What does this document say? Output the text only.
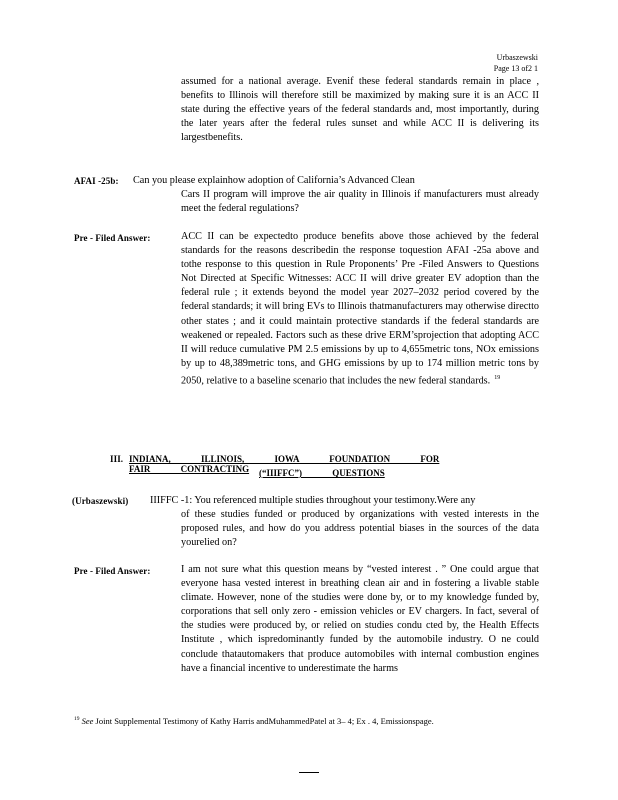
Urbaszewski
Page 13 of2 1
assumed for a national average. Evenif these federal standards remain in place , benefits to Illinois will therefore still be maximized by making sure it is an ACC II state during the effective years of the federal standards and, most importantly, during the later years after the federal rules sunset and while ACC II is delivering its largestbenefits.
AFAI -25b: Can you please explainhow adoption of California’s Advanced Clean
Cars II program will improve the air quality in Illinois if manufacturers must already meet the federal regulations?
Pre - Filed Answer:	ACC II can be expectedto produce benefits above those achieved by the federal standards for the reasons describedin the response toquestion AFAI -25a above and tothe response to this question in Rule Proponents’ Pre -Filed Answers to Questions Not Directed at Specific Witnesses: ACC II will drive greater EV adoption than the federal rule ; it extends beyond the model year 2027–2032 period covered by the federal standards; it will bring EVs to Illinois thatmanufacturers may otherwise directto other states ; and it could maintain protective standards if the federal standards are weakened or repealed. Factors such as these drive ERM’sprojection that adopting ACC II will reduce cumulative PM 2.5 emissions by up to 4,655metric tons, NOx emissions by up to 48,389metric tons, and GHG emissions by up to 174 million metric tons by 2050, relative to a baseline scenario that includes the new federal standards. $^{19}$
III. INDIANA, ILLINOIS, IOWA FOUNDATION FOR FAIR CONTRACTING	(“IIIFFC”) QUESTIONS
(Urbaszewski) IIIFFC -1: You referenced multiple studies throughout your testimony.Were any
of these studies funded or produced by organizations with vested interests in the proposed rules, and how do you address potential biases in the sources of the data yourelied on?
Pre - Filed Answer:	I am not sure what this question means by “vested interest . ” One could argue that everyone hasa vested interest in breathing clean air and in fostering a livable stable climate. However, none of the studies were done by, or to my knowledge funded by, corporations that sell only zero - emission vehicles or EV chargers. In fact, several of the studies were produced by, or relied on studies condu cted by, the Health Effects Institute , which ispredominantly funded by the automobile industry. O ne could conclude thatautomakers that produce automobiles with internal combustion engines have a financial incentive to underestimate the harms
$^{19}$ See Joint Supplemental Testimony of Kathy Harris andMuhammedPatel at 3– 4; Ex . 4, Emissionspage.
